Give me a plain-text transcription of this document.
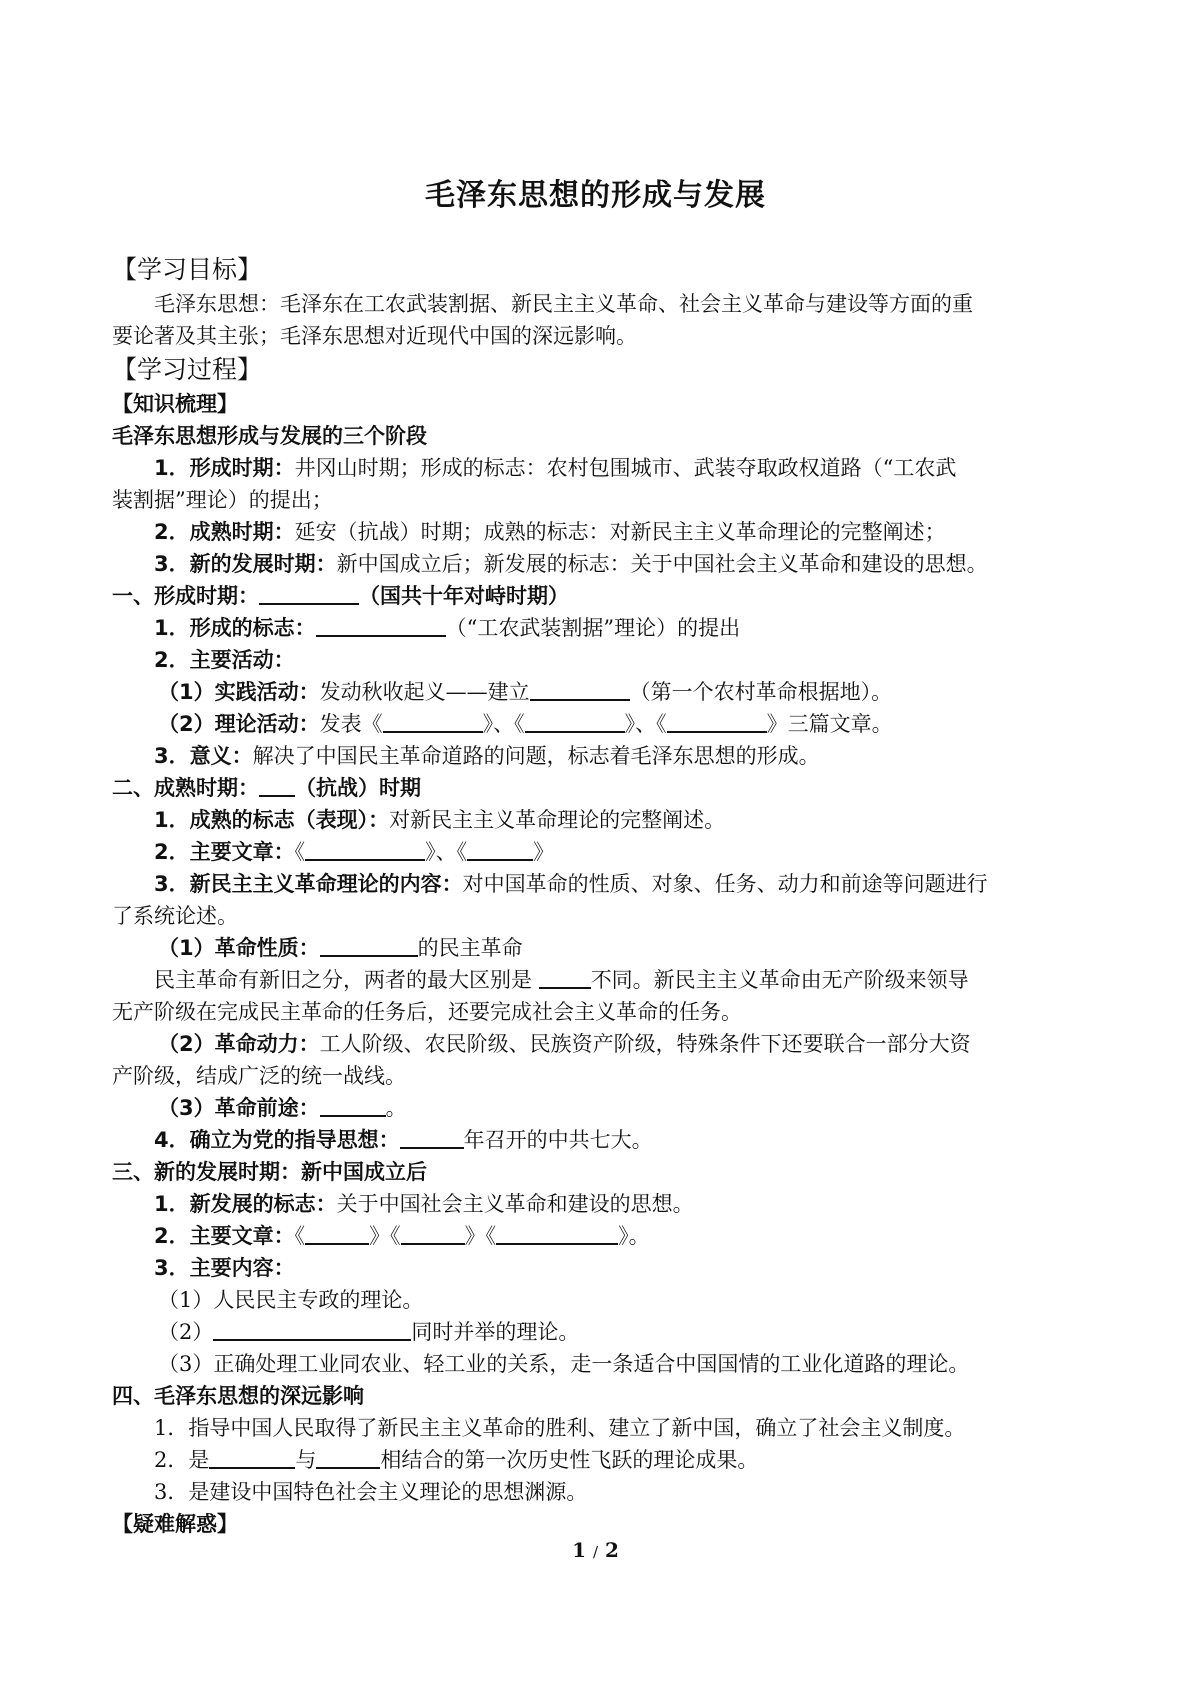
毛泽东思想的形成与发展
【学习目标】
毛泽东思想：毛泽东在工农武装割据、新民主主义革命、社会主义革命与建设等方面的重
要论著及其主张；毛泽东思想对近现代中国的深远影响。
【学习过程】
【知识梳理】
毛泽东思想形成与发展的三个阶段
1．形成时期：井冈山时期；形成的标志：农村包围城市、武装夺取政权道路（“工农武
装割据”理论）的提出；
2．成熟时期：延安（抗战）时期；成熟的标志：对新民主主义革命理论的完整阐述；
3．新的发展时期：新中国成立后；新发展的标志：关于中国社会主义革命和建设的思想。
一、形成时期：	（国共十年对峙时期）
1．形成的标志：	（“工农武装割据”理论）的提出
2．主要活动：
（1）实践活动：发动秋收起义——建立	（第一个农村革命根据地）。
（2）理论活动：发表《	》、《	》、《	》三篇文章。
3．意义：解决了中国民主革命道路的问题，标志着毛泽东思想的形成。
二、成熟时期： （抗战）时期
1．成熟的标志（表现）：对新民主主义革命理论的完整阐述。
2．主要文章：《	》、《	》
3．新民主主义革命理论的内容：对中国革命的性质、对象、任务、动力和前途等问题进行
了系统论述。
（1）革命性质：	的民主革命
民主革命有新旧之分，两者的最大区别是 不同。新民主主义革命由无产阶级来领导
无产阶级在完成民主革命的任务后，还要完成社会主义革命的任务。
（2）革命动力：工人阶级、农民阶级、民族资产阶级，特殊条件下还要联合一部分大资
产阶级，结成广泛的统一战线。
（3）革命前途：	。
4．确立为党的指导思想：	年召开的中共七大。
三、新的发展时期：新中国成立后
1．新发展的标志：关于中国社会主义革命和建设的思想。
2．主要文章：《	》《	》《	》。
3．主要内容：
（1）人民民主专政的理论。
（2）	同时并举的理论。
（3）正确处理工业同农业、轻工业的关系，走一条适合中国国情的工业化道路的理论。
四、毛泽东思想的深远影响
1．指导中国人民取得了新民主主义革命的胜利、建立了新中国，确立了社会主义制度。
2．是	与	相结合的第一次历史性飞跃的理论成果。
3．是建设中国特色社会主义理论的思想渊源。
【疑难解惑】
1 / 2
